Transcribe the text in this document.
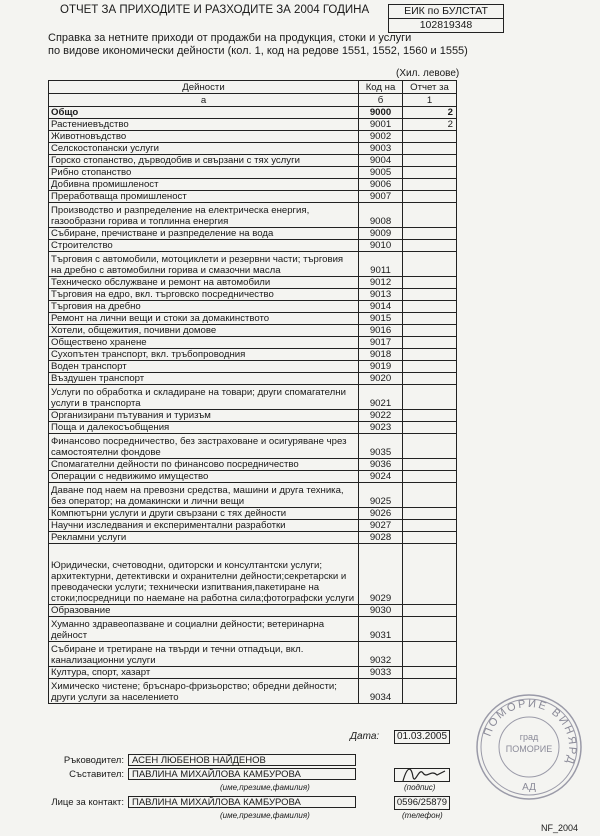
ОТЧЕТ ЗА ПРИХОДИТЕ И РАЗХОДИТЕ ЗА 2004 ГОДИНА	ЕИК по БУЛСТАТ
102819348
Справка за нетните приходи от продажби на продукция, стоки и услуги
по видове икономически дейности (кол. 1, код на редове 1551, 1552, 1560 и 1555)
(Хил. левове)
Дейности	Код на	Отчет за
а	б	1
Общо	9000	2
Растениевъдство	9001	2
Животновъдство	9002	
Селскостопански услуги	9003	
Горско стопанство, дърводобив и свързани с тях услуги	9004	
Рибно стопанство	9005	
Добивна промишленост	9006	
Преработваща промишленост	9007	
Производство и разпределение на електрическа енергия, газообразни горива и топлинна енергия	9008	
Събиране, пречистване и разпределение на вода	9009	
Строителство	9010	
Търговия с автомобили, мотоциклети и резервни части; търговия на дребно с автомобилни горива и смазочни масла	9011	
Техническо обслужване и ремонт на автомобили	9012	
Търговия на едро, вкл. търговско посредничество	9013	
Търговия на дребно	9014	
Ремонт на лични вещи и стоки за домакинството	9015	
Хотели, общежития, почивни домове	9016	
Обществено хранене	9017	
Сухопътен транспорт, вкл. тръбопроводния	9018	
Воден транспорт	9019	
Въздушен транспорт	9020	
Услуги по обработка и складиране на товари; други спомагателни услуги в транспорта	9021	
Организирани пътувания и туризъм	9022	
Поща и далекосъобщения	9023	
Финансово посредничество, без застраховане и осигуряване чрез самостоятелни фондове	9035	
Спомагателни дейности по финансово посредничество	9036	
Операции с недвижимо имущество	9024	
Даване под наем на превозни средства, машини и друга техника, без оператор; на домакински и лични вещи	9025	
Компютърни услуги и други свързани с тях дейности	9026	
Научни изследвания и експериментални разработки	9027	
Рекламни услуги	9028	
Юридически, счетоводни, одиторски и консултантски услуги; архитектурни, детективски и охранителни дейности;секретарски и преводачески услуги; технически изпитвания,пакетиране на стоки;посредници по наемане на работна сила;фотографски услуги	9029	
Образование	9030	
Хуманно здравеопазване и социални дейности; ветеринарна дейност	9031	
Събиране и третиране на твърди и течни отпадъци, вкл. канализационни услуги	9032	
Култура, спорт, хазарт	9033	
Химическо чистене; бръснаро-фризьорство; обредни дейности; други услуги за населението	9034	
Дата: 01.03.2005
Ръководител: АСЕН ЛЮБЕНОВ НАЙДЕНОВ
Съставител: ПАВЛИНА МИХАЙЛОВА КАМБУРОВА
(име,презиме,фамилия)	(подпис)
Лице за контакт: ПАВЛИНА МИХАЙЛОВА КАМБУРОВА
(име,презиме,фамилия)
0596/25879
(телефон)
ПОМОРИЕ ВИНЯРД
град
ПОМОРИЕ
АД
NF_2004
